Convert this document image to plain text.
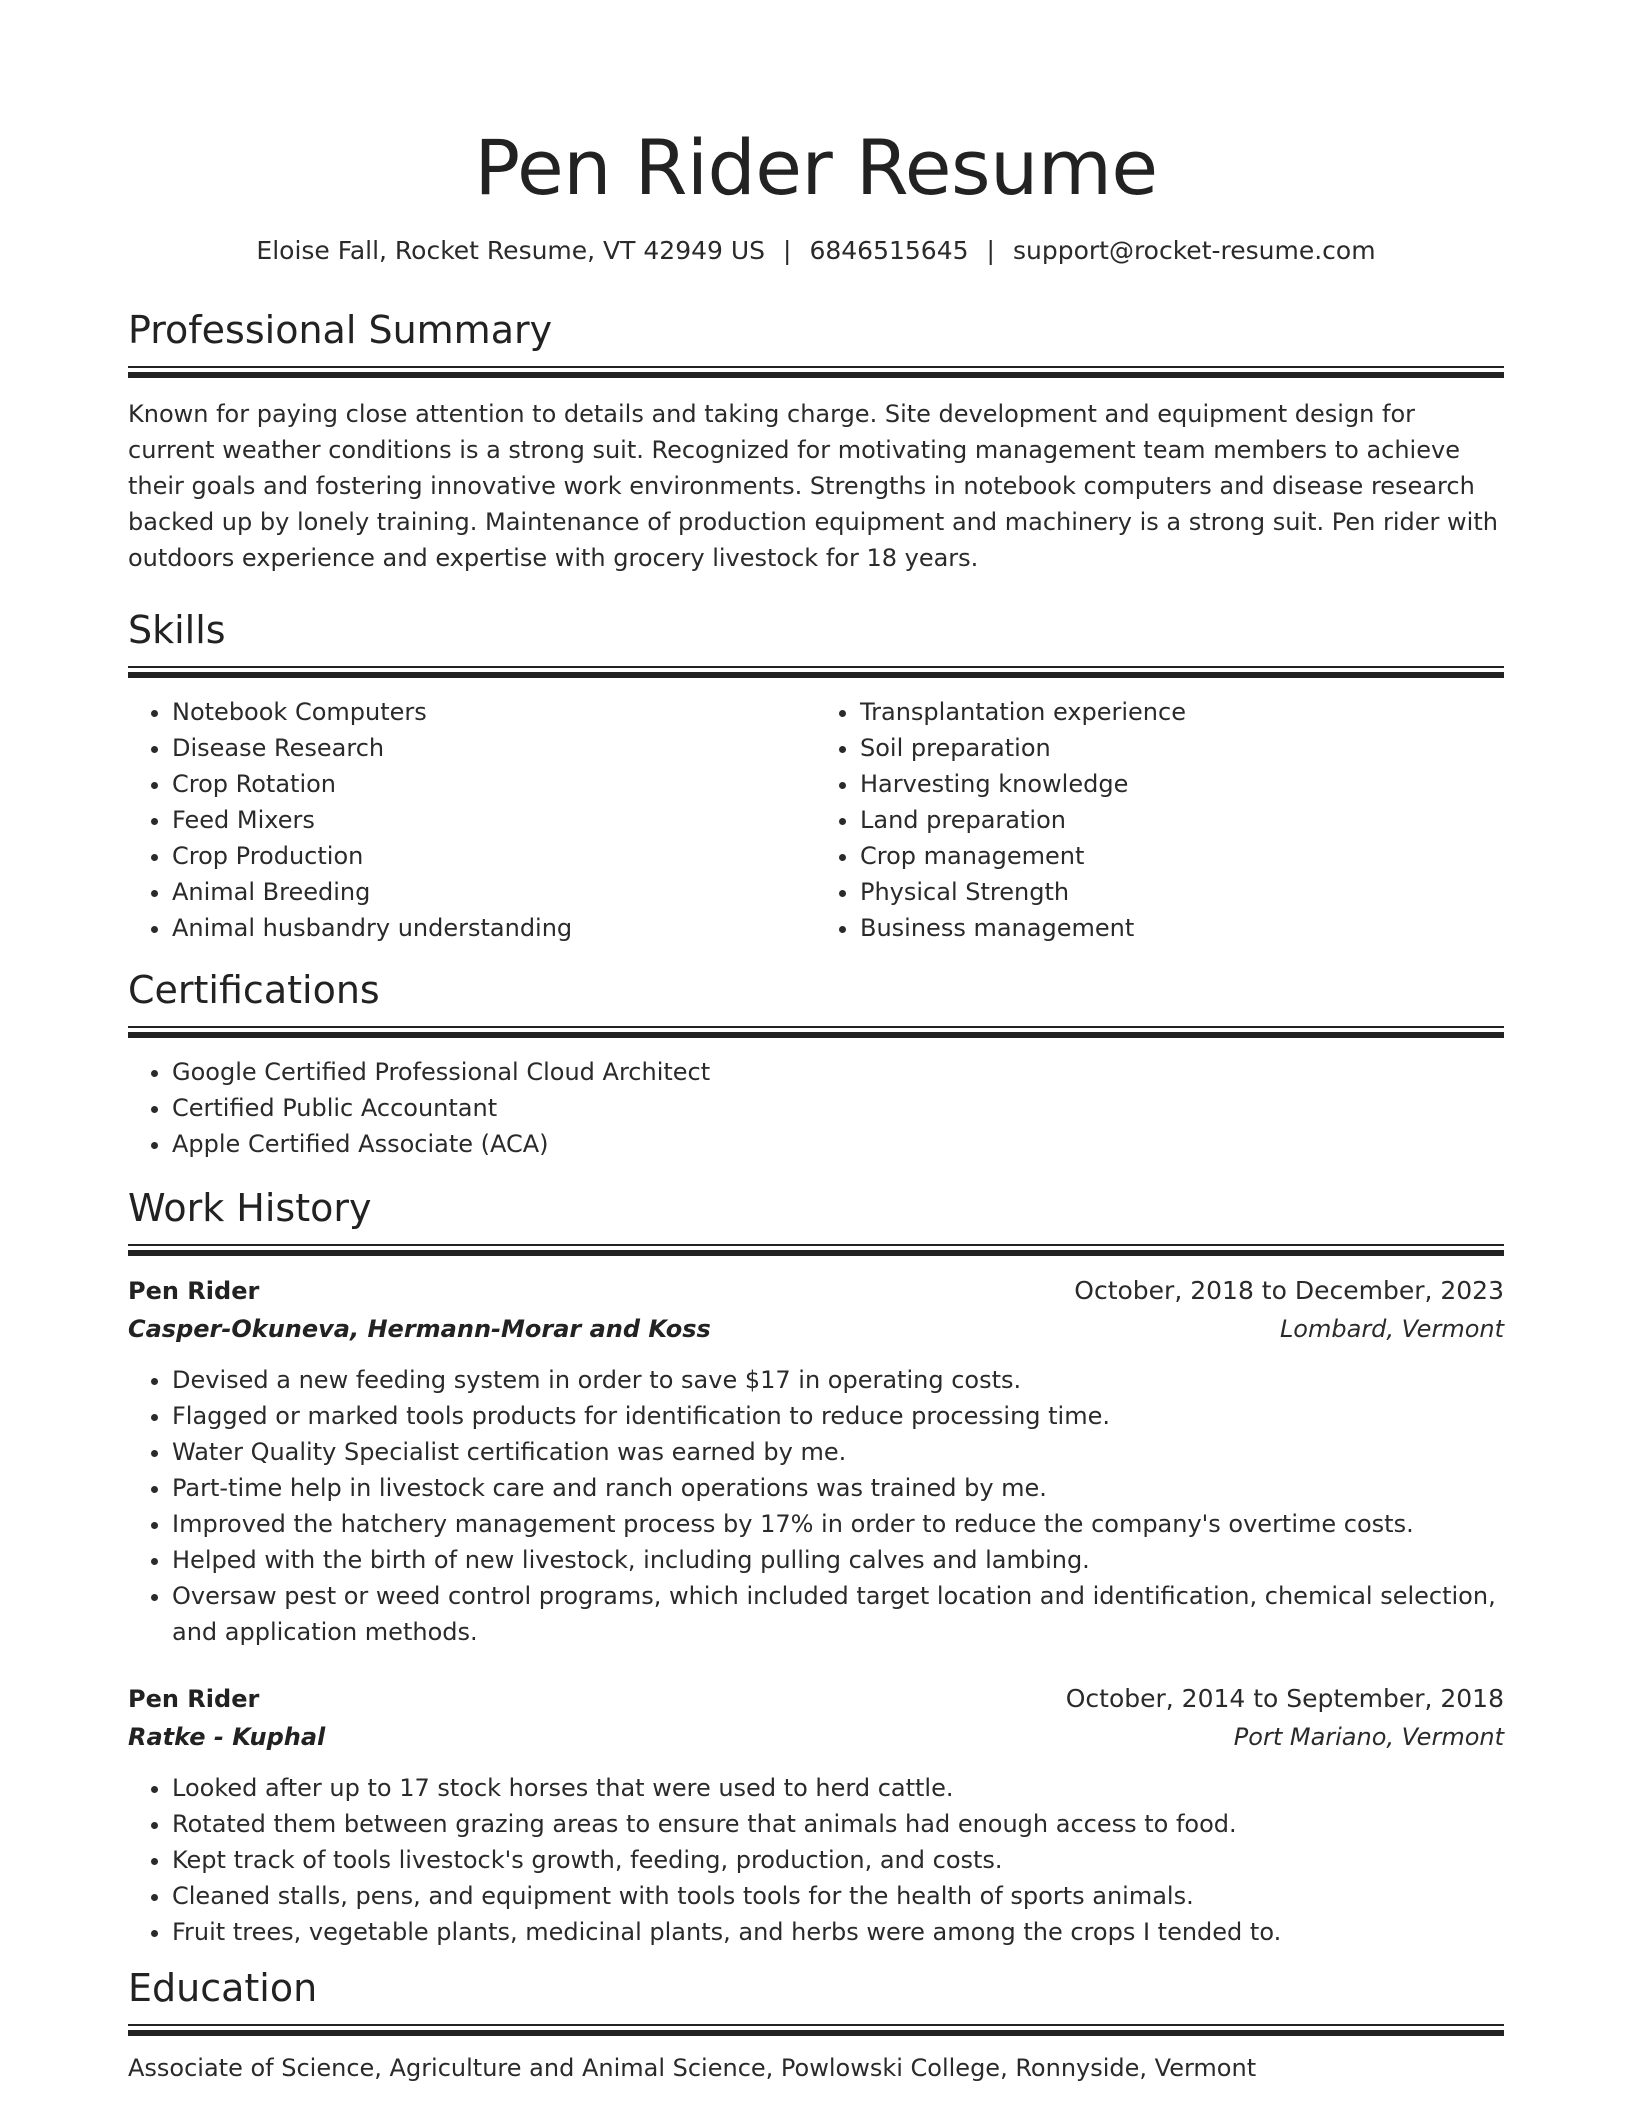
Pen Rider Resume
Eloise Fall, Rocket Resume, VT 42949 US | 6846515645 | support@rocket-resume.com
Professional Summary

Known for paying close attention to details and taking charge. Site development and equipment design for current weather conditions is a strong suit. Recognized for motivating management team members to achieve their goals and fostering innovative work environments. Strengths in notebook computers and disease research backed up by lonely training. Maintenance of production equipment and machinery is a strong suit. Pen rider with outdoors experience and expertise with grocery livestock for 18 years.

Skills
• Notebook Computers
• Disease Research
• Crop Rotation
• Feed Mixers
• Crop Production
• Animal Breeding
• Animal husbandry understanding
• Transplantation experience
• Soil preparation
• Harvesting knowledge
• Land preparation
• Crop management
• Physical Strength
• Business management
Certifications
• Google Certified Professional Cloud Architect
• Certified Public Accountant
• Apple Certified Associate (ACA)
Work History
Pen Rider	October, 2018 to December, 2023
Casper-Okuneva, Hermann-Morar and Koss	Lombard, Vermont
• Devised a new feeding system in order to save $17 in operating costs.
• Flagged or marked tools products for identification to reduce processing time.
• Water Quality Specialist certification was earned by me.
• Part-time help in livestock care and ranch operations was trained by me.
• Improved the hatchery management process by 17% in order to reduce the company's overtime costs.
• Helped with the birth of new livestock, including pulling calves and lambing.
• Oversaw pest or weed control programs, which included target location and identification, chemical selection, and application methods.
Pen Rider	October, 2014 to September, 2018
Ratke - Kuphal	Port Mariano, Vermont
• Looked after up to 17 stock horses that were used to herd cattle.
• Rotated them between grazing areas to ensure that animals had enough access to food.
• Kept track of tools livestock's growth, feeding, production, and costs.
• Cleaned stalls, pens, and equipment with tools tools for the health of sports animals.
• Fruit trees, vegetable plants, medicinal plants, and herbs were among the crops I tended to.
Education
Associate of Science, Agriculture and Animal Science, Powlowski College, Ronnyside, Vermont
